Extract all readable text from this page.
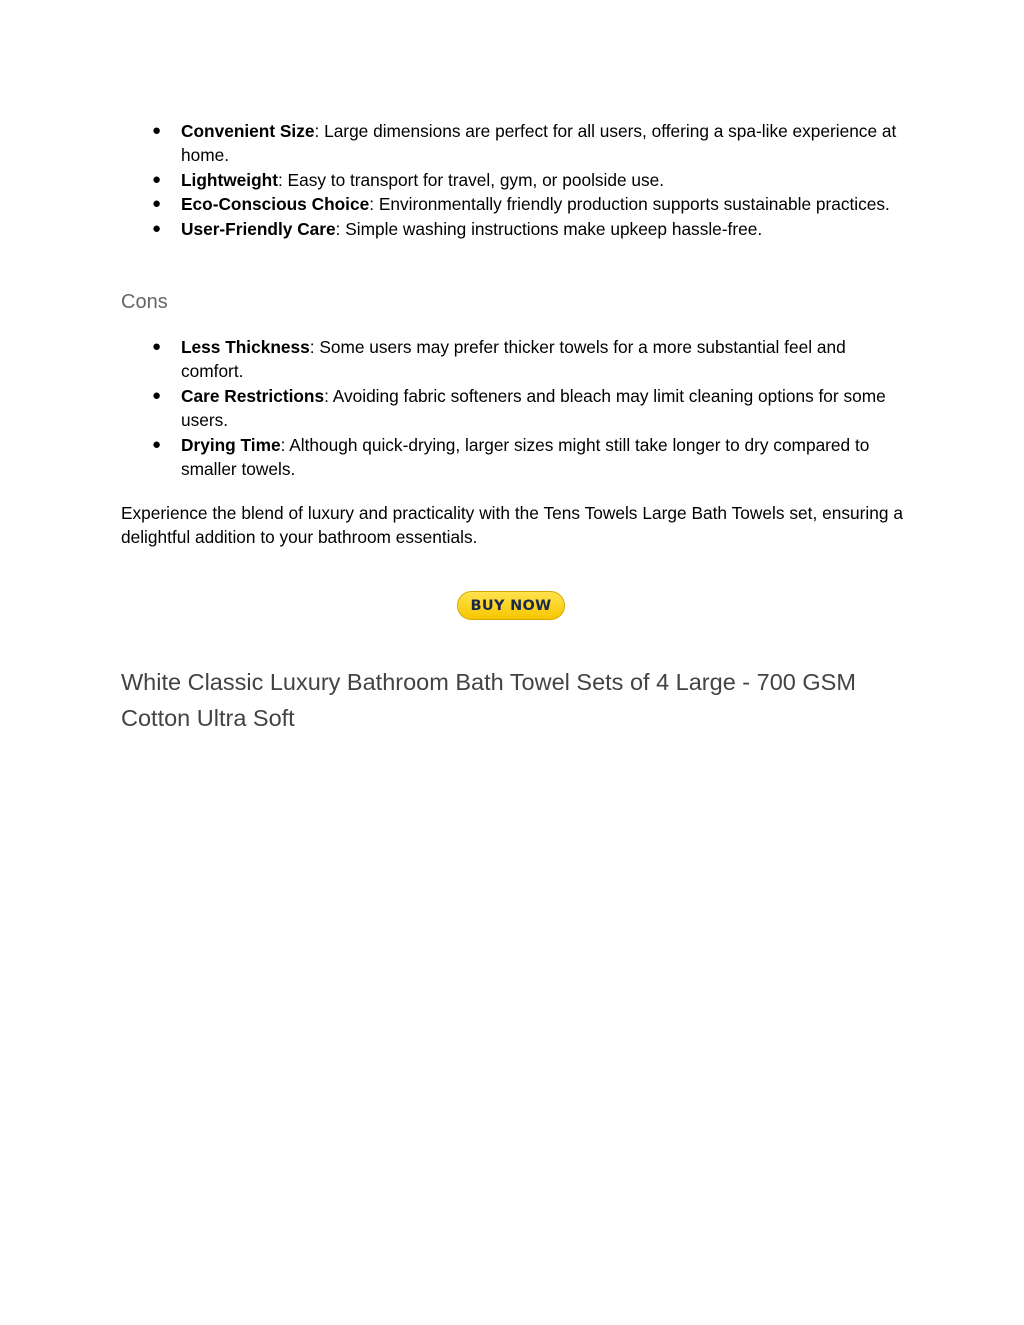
● Convenient Size: Large dimensions are perfect for all users, offering a spa-like experience at home.
● Lightweight: Easy to transport for travel, gym, or poolside use.
● Eco-Conscious Choice: Environmentally friendly production supports sustainable practices.
● User-Friendly Care: Simple washing instructions make upkeep hassle-free.
Cons
● Less Thickness: Some users may prefer thicker towels for a more substantial feel and comfort.
● Care Restrictions: Avoiding fabric softeners and bleach may limit cleaning options for some users.
● Drying Time: Although quick-drying, larger sizes might still take longer to dry compared to smaller towels.

Experience the blend of luxury and practicality with the Tens Towels Large Bath Towels set, ensuring a delightful addition to your bathroom essentials.

BUY NOW
White Classic Luxury Bathroom Bath Towel Sets of 4 Large - 700 GSM Cotton Ultra Soft
